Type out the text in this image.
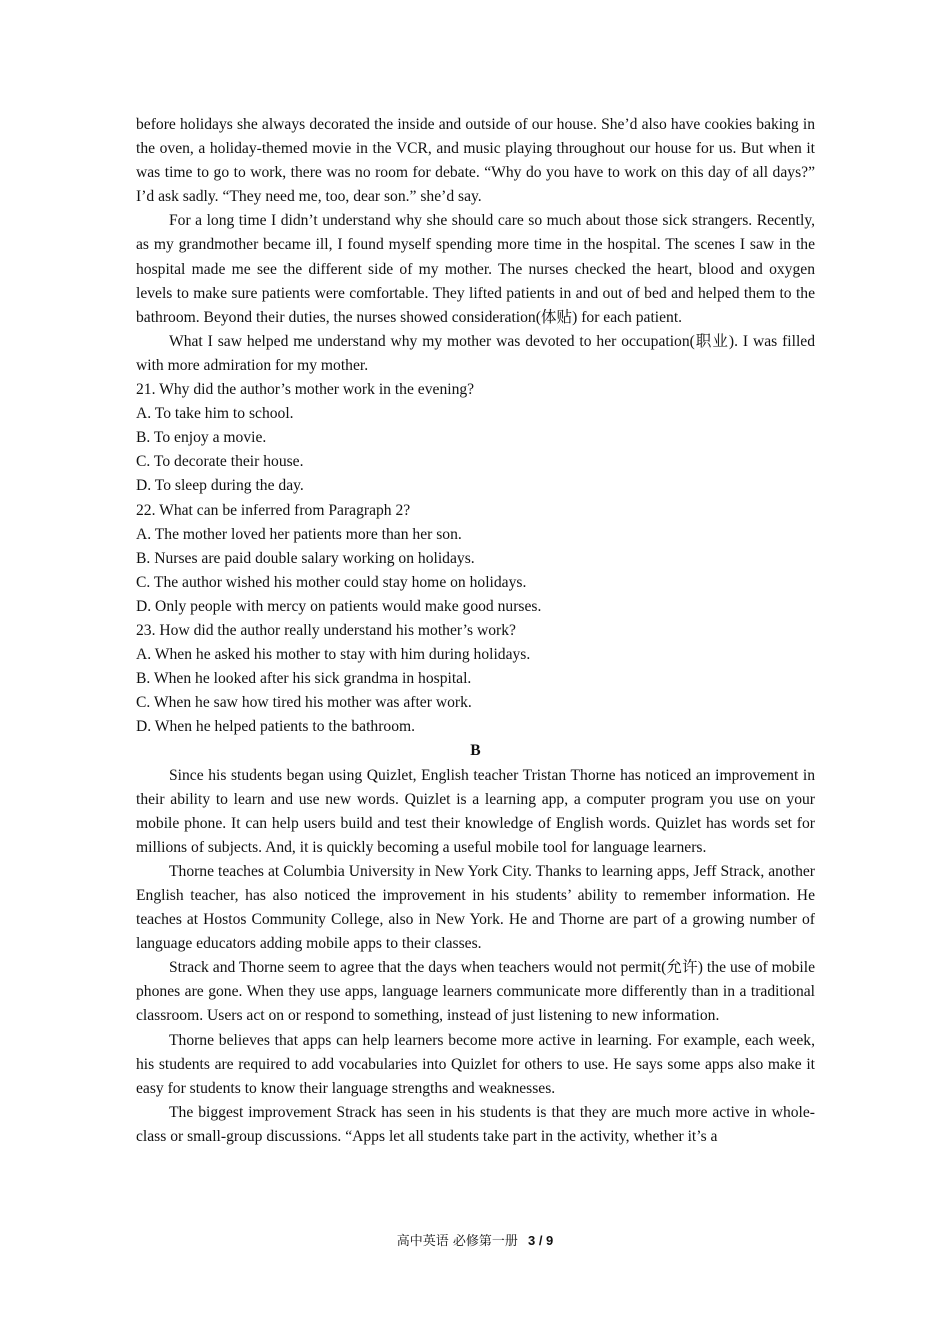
before holidays she always decorated the inside and outside of our house. She’d also have cookies baking in the oven, a holiday-themed movie in the VCR, and music playing throughout our house for us. But when it was time to go to work, there was no room for debate. “Why do you have to work on this day of all days?” I’d ask sadly. “They need me, too, dear son.” she’d say.

For a long time I didn’t understand why she should care so much about those sick strangers. Recently, as my grandmother became ill, I found myself spending more time in the hospital. The scenes I saw in the hospital made me see the different side of my mother. The nurses checked the heart, blood and oxygen levels to make sure patients were comfortable. They lifted patients in and out of bed and helped them to the bathroom. Beyond their duties, the nurses showed consideration(体贴) for each patient.

What I saw helped me understand why my mother was devoted to her occupation(职业). I was filled with more admiration for my mother.

21. Why did the author’s mother work in the evening?

A. To take him to school.

B. To enjoy a movie.

C. To decorate their house.

D. To sleep during the day.

22. What can be inferred from Paragraph 2?

A. The mother loved her patients more than her son.

B. Nurses are paid double salary working on holidays.

C. The author wished his mother could stay home on holidays.

D. Only people with mercy on patients would make good nurses.

23. How did the author really understand his mother’s work?

A. When he asked his mother to stay with him during holidays.

B. When he looked after his sick grandma in hospital.

C. When he saw how tired his mother was after work.

D. When he helped patients to the bathroom.

B

Since his students began using Quizlet, English teacher Tristan Thorne has noticed an improvement in their ability to learn and use new words. Quizlet is a learning app, a computer program you use on your mobile phone. It can help users build and test their knowledge of English words. Quizlet has words set for millions of subjects. And, it is quickly becoming a useful mobile tool for language learners.

Thorne teaches at Columbia University in New York City. Thanks to learning apps, Jeff Strack, another English teacher, has also noticed the improvement in his students’ ability to remember information. He teaches at Hostos Community College, also in New York. He and Thorne are part of a growing number of language educators adding mobile apps to their classes.

Strack and Thorne seem to agree that the days when teachers would not permit(允许) the use of mobile phones are gone. When they use apps, language learners communicate more differently than in a traditional classroom. Users act on or respond to something, instead of just listening to new information.

Thorne believes that apps can help learners become more active in learning. For example, each week, his students are required to add vocabularies into Quizlet for others to use. He says some apps also make it easy for students to know their language strengths and weaknesses.

The biggest improvement Strack has seen in his students is that they are much more active in whole-class or small-group discussions. “Apps let all students take part in the activity, whether it’s a

高中英语 必修第一册 3 / 9
